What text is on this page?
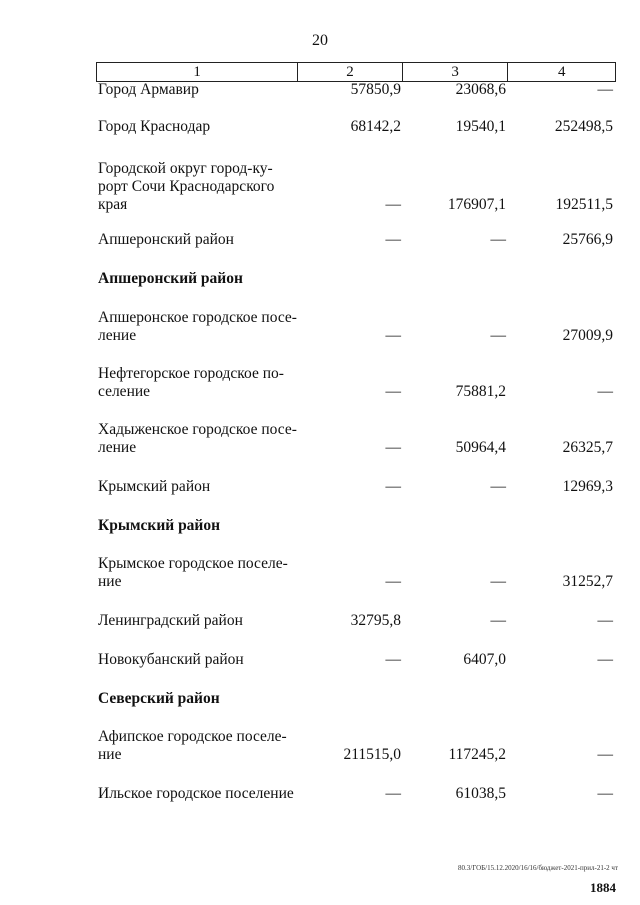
20
1	2	3	4
Город Армавир	57850,9	23068,6	—
Город Краснодар	68142,2	19540,1	252498,5
Городской округ город-ку-
рорт Сочи Краснодарского
края	—	176907,1	192511,5
Апшеронский район	—	—	25766,9
Апшеронский район
Апшеронское городское посе-
ление	—	—	27009,9
Нефтегорское городское по-
селение	—	75881,2	—
Хадыженское городское посе-
ление	—	50964,4	26325,7
Крымский район	—	—	12969,3
Крымский район
Крымское городское поселе-
ние	—	—	31252,7
Ленинградский район	32795,8	—	—
Новокубанский район	—	6407,0	—
Северский район
Афипское городское поселе-
ние	211515,0	117245,2	—
Ильское городское поселение	—	61038,5	—
80.3/ГОБ/15.12.2020/16/16/бюджет-2021-прил-21-2 чт
1884
